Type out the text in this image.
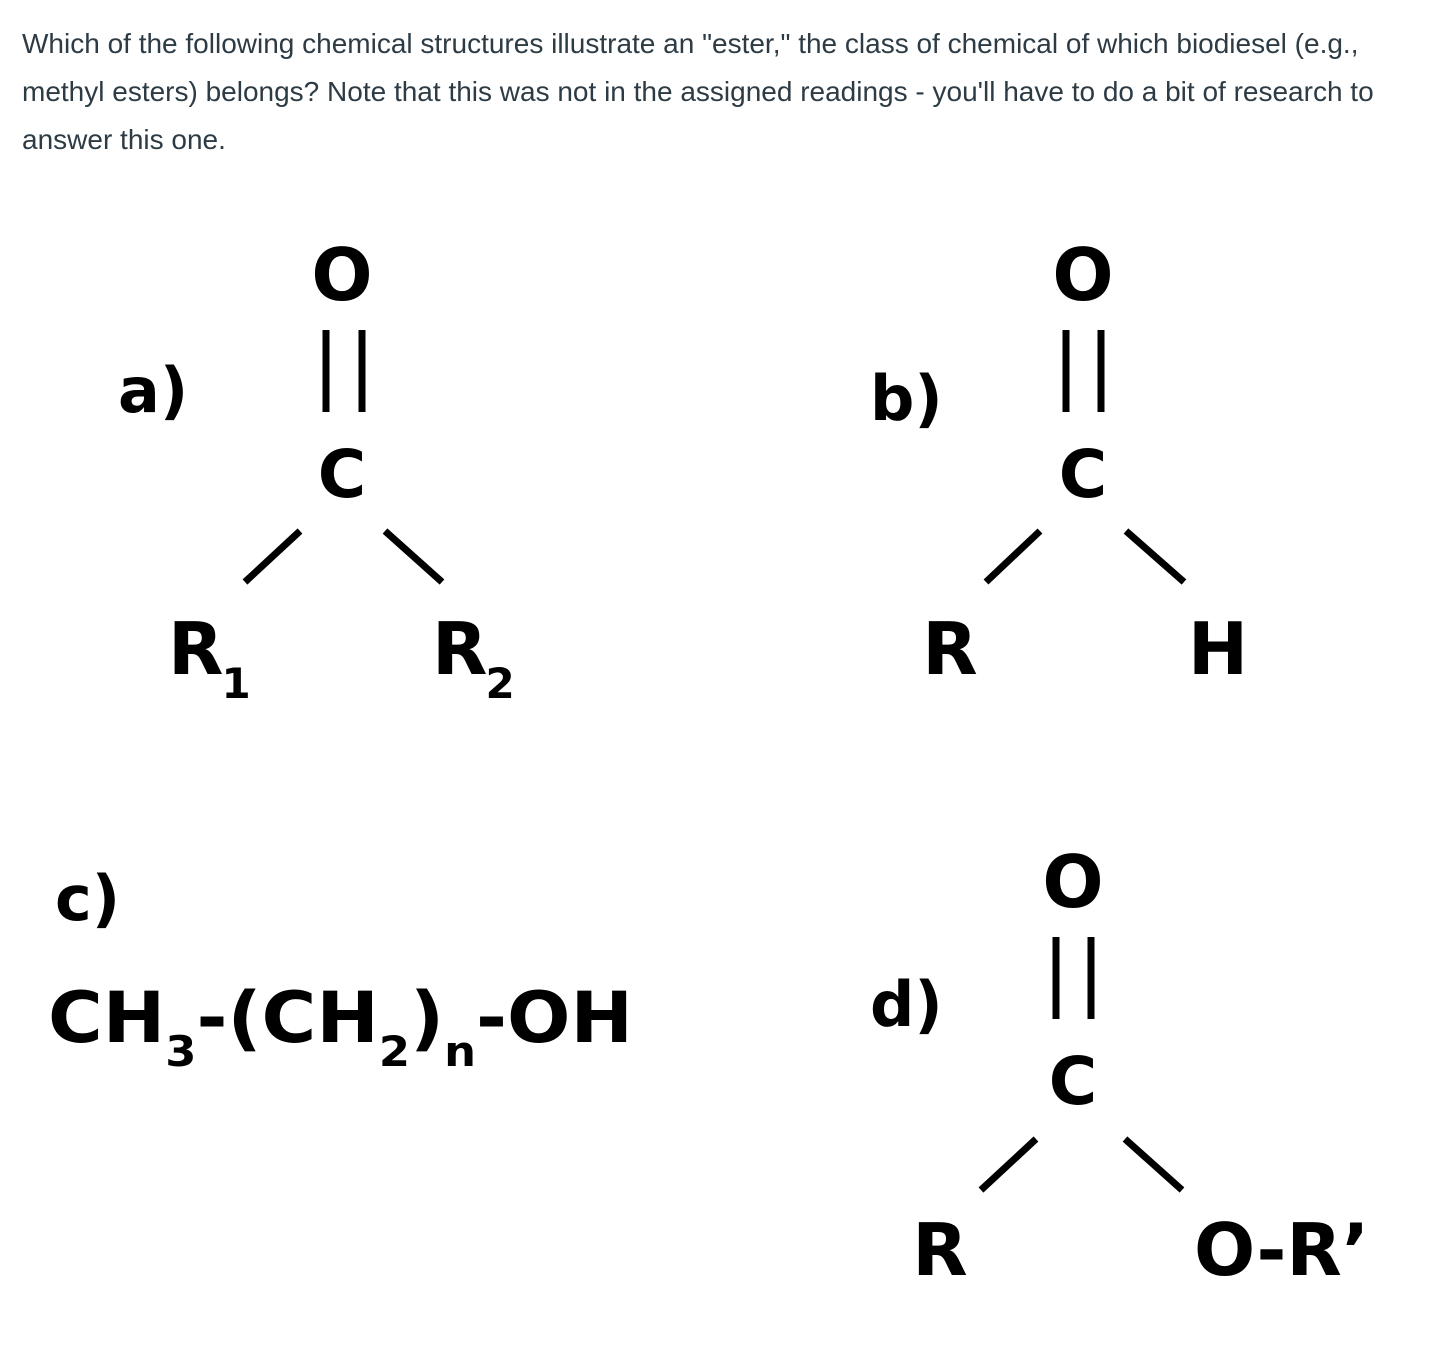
Which of the following chemical structures illustrate an "ester," the class of chemical of which biodiesel (e.g., methyl esters) belongs? Note that this was not in the assigned readings - you'll have to do a bit of research to answer this one.

a)
O
C
R1	R2
b)
O
C
R	H
c)
CH $_3$-(CH $_2)_n-OH$	d)
O
C
R	O-R’
